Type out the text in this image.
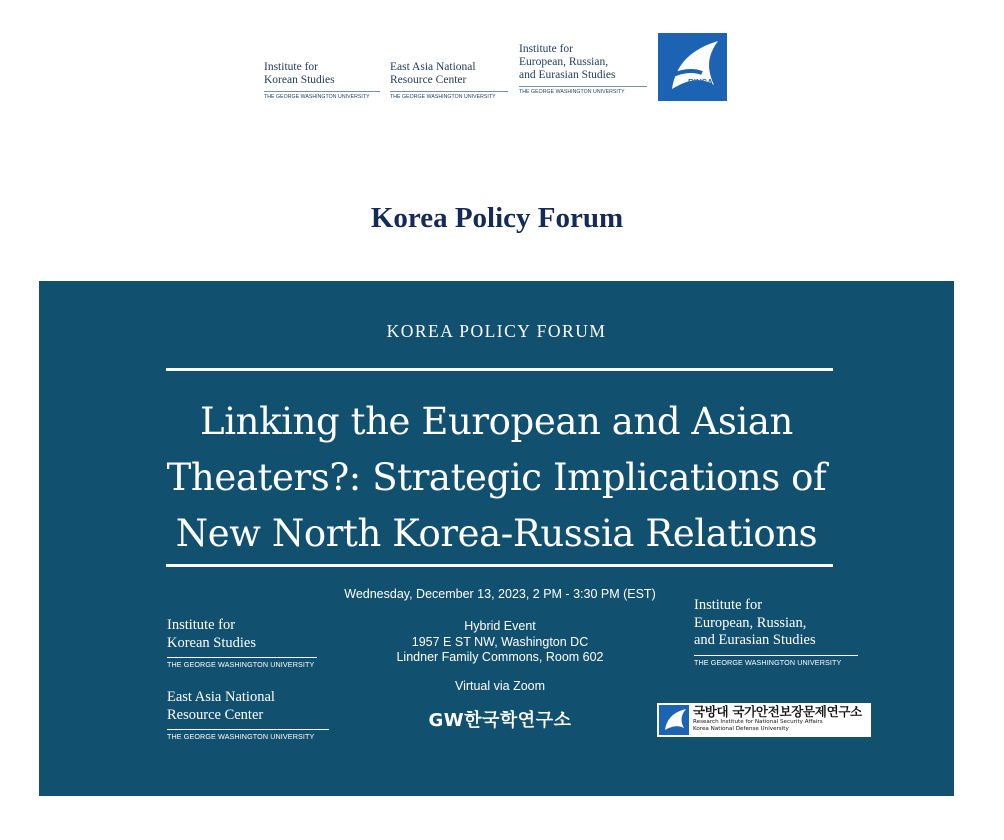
Institute for
Korean Studies
THE GEORGE WASHINGTON UNIVERSITY
East Asia National
Resource Center
THE GEORGE WASHINGTON UNIVERSITY
Institute for
European, Russian,
and Eurasian Studies
THE GEORGE WASHINGTON UNIVERSITY
RINSA
Korea Policy Forum
KOREA POLICY FORUM
Linking the European and Asian
Theaters?: Strategic Implications of
New North Korea-Russia Relations
Wednesday, December 13, 2023, 2 PM - 3:30 PM (EST)
Hybrid Event
1957 E ST NW, Washington DC
Lindner Family Commons, Room 602
Virtual via Zoom
GW한국학연구소
Institute for
Korean Studies
THE GEORGE WASHINGTON UNIVERSITY
East Asia National
Resource Center
THE GEORGE WASHINGTON UNIVERSITY
Institute for
European, Russian,
and Eurasian Studies
THE GEORGE WASHINGTON UNIVERSITY
국방대 국가안전보장문제연구소
Research Institute for National Security Affairs
Korea National Defense University
